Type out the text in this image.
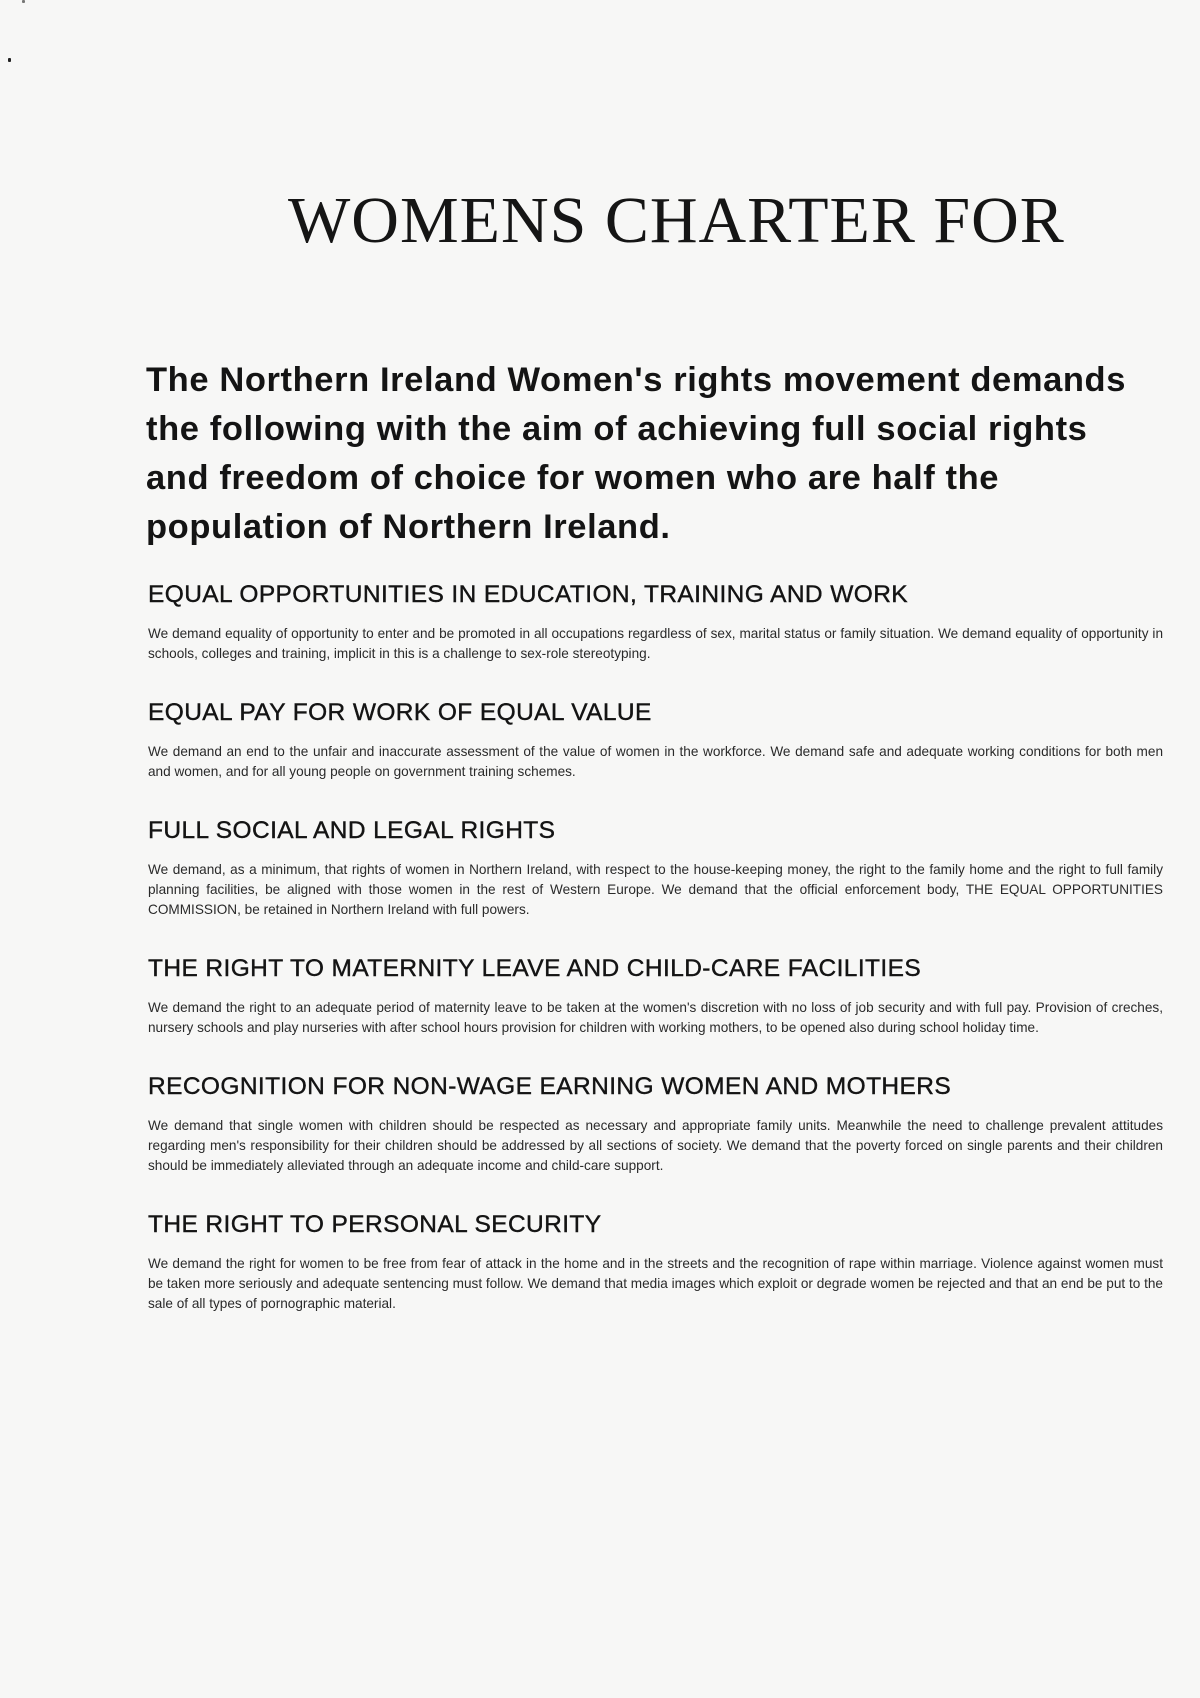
WOMENS CHARTER FOR

The Northern Ireland Women's rights movement demands the following with the aim of achieving full social rights and freedom of choice for women who are half the population of Northern Ireland.

EQUAL OPPORTUNITIES IN EDUCATION, TRAINING AND WORK

We demand equality of opportunity to enter and be promoted in all occupations regardless of sex, marital status or family situation. We demand equality of opportunity in schools, colleges and training, implicit in this is a challenge to sex-role stereotyping.

EQUAL PAY FOR WORK OF EQUAL VALUE

We demand an end to the unfair and inaccurate assessment of the value of women in the workforce. We demand safe and adequate working conditions for both men and women, and for all young people on government training schemes.

FULL SOCIAL AND LEGAL RIGHTS

We demand, as a minimum, that rights of women in Northern Ireland, with respect to the house-keeping money, the right to the family home and the right to full family planning facilities, be aligned with those women in the rest of Western Europe. We demand that the official enforcement body, THE EQUAL OPPORTUNITIES COMMISSION, be retained in Northern Ireland with full powers.

THE RIGHT TO MATERNITY LEAVE AND CHILD-CARE FACILITIES

We demand the right to an adequate period of maternity leave to be taken at the women's discretion with no loss of job security and with full pay. Provision of creches, nursery schools and play nurseries with after school hours provision for children with working mothers, to be opened also during school holiday time.

RECOGNITION FOR NON-WAGE EARNING WOMEN AND MOTHERS

We demand that single women with children should be respected as necessary and appropriate family units. Meanwhile the need to challenge prevalent attitudes regarding men's responsibility for their children should be addressed by all sections of society. We demand that the poverty forced on single parents and their children should be immediately alleviated through an adequate income and child-care support.

THE RIGHT TO PERSONAL SECURITY

We demand the right for women to be free from fear of attack in the home and in the streets and the recognition of rape within marriage. Violence against women must be taken more seriously and adequate sentencing must follow. We demand that media images which exploit or degrade women be rejected and that an end be put to the sale of all types of pornographic material.
